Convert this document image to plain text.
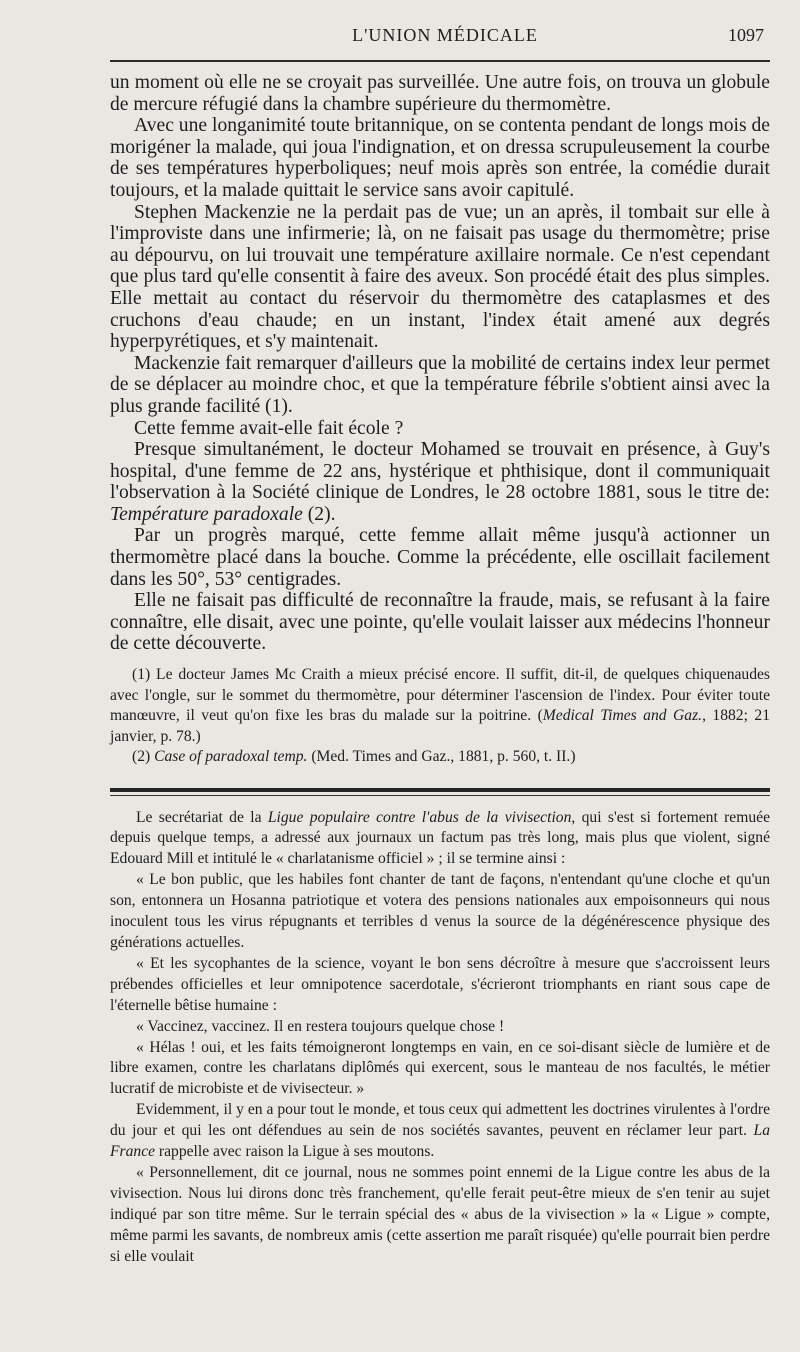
L'UNION MÉDICALE	1097

un moment où elle ne se croyait pas surveillée. Une autre fois, on trouva un globule de mercure réfugié dans la chambre supérieure du thermomètre.

Avec une longanimité toute britannique, on se contenta pendant de longs mois de morigéner la malade, qui joua l'indignation, et on dressa scrupuleusement la courbe de ses températures hyperboliques; neuf mois après son entrée, la comédie durait toujours, et la malade quittait le service sans avoir capitulé.

Stephen Mackenzie ne la perdait pas de vue; un an après, il tombait sur elle à l'improviste dans une infirmerie; là, on ne faisait pas usage du thermomètre; prise au dépourvu, on lui trouvait une température axillaire normale. Ce n'est cependant que plus tard qu'elle consentit à faire des aveux. Son procédé était des plus simples. Elle mettait au contact du réservoir du thermomètre des cataplasmes et des cruchons d'eau chaude; en un instant, l'index était amené aux degrés hyperpyrétiques, et s'y maintenait.

Mackenzie fait remarquer d'ailleurs que la mobilité de certains index leur permet de se déplacer au moindre choc, et que la température fébrile s'obtient ainsi avec la plus grande facilité (1).

Cette femme avait-elle fait école ?

Presque simultanément, le docteur Mohamed se trouvait en présence, à Guy's hospital, d'une femme de 22 ans, hystérique et phthisique, dont il communiquait l'observation à la Société clinique de Londres, le 28 octobre 1881, sous le titre de: Température paradoxale (2).

Par un progrès marqué, cette femme allait même jusqu'à actionner un thermomètre placé dans la bouche. Comme la précédente, elle oscillait facilement dans les 50°, 53° centigrades.

Elle ne faisait pas difficulté de reconnaître la fraude, mais, se refusant à la faire connaître, elle disait, avec une pointe, qu'elle voulait laisser aux médecins l'honneur de cette découverte.

(1) Le docteur James Mc Craith a mieux précisé encore. Il suffit, dit-il, de quelques chiquenaudes avec l'ongle, sur le sommet du thermomètre, pour déterminer l'ascension de l'index. Pour éviter toute manœuvre, il veut qu'on fixe les bras du malade sur la poitrine. (Medical Times and Gaz., 1882; 21 janvier, p. 78.)

(2) Case of paradoxal temp. (Med. Times and Gaz., 1881, p. 560, t. II.)

Le secrétariat de la Ligue populaire contre l'abus de la vivisection, qui s'est si fortement remuée depuis quelque temps, a adressé aux journaux un factum pas très long, mais plus que violent, signé Edouard Mill et intitulé le « charlatanisme officiel » ; il se termine ainsi :

« Le bon public, que les habiles font chanter de tant de façons, n'entendant qu'une cloche et qu'un son, entonnera un Hosanna patriotique et votera des pensions nationales aux empoisonneurs qui nous inoculent tous les virus répugnants et terribles d venus la source de la dégénérescence physique des générations actuelles.

« Et les sycophantes de la science, voyant le bon sens décroître à mesure que s'accroissent leurs prébendes officielles et leur omnipotence sacerdotale, s'écrieront triomphants en riant sous cape de l'éternelle bêtise humaine :

« Vaccinez, vaccinez. Il en restera toujours quelque chose !

« Hélas ! oui, et les faits témoigneront longtemps en vain, en ce soi-disant siècle de lumière et de libre examen, contre les charlatans diplômés qui exercent, sous le manteau de nos facultés, le métier lucratif de microbiste et de vivisecteur. »

Evidemment, il y en a pour tout le monde, et tous ceux qui admettent les doctrines virulentes à l'ordre du jour et qui les ont défendues au sein de nos sociétés savantes, peuvent en réclamer leur part. La France rappelle avec raison la Ligue à ses moutons.

« Personnellement, dit ce journal, nous ne sommes point ennemi de la Ligue contre les abus de la vivisection. Nous lui dirons donc très franchement, qu'elle ferait peut-être mieux de s'en tenir au sujet indiqué par son titre même. Sur le terrain spécial des « abus de la vivisection » la « Ligue » compte, même parmi les savants, de nombreux amis (cette assertion me paraît risquée) qu'elle pourrait bien perdre si elle voulait
